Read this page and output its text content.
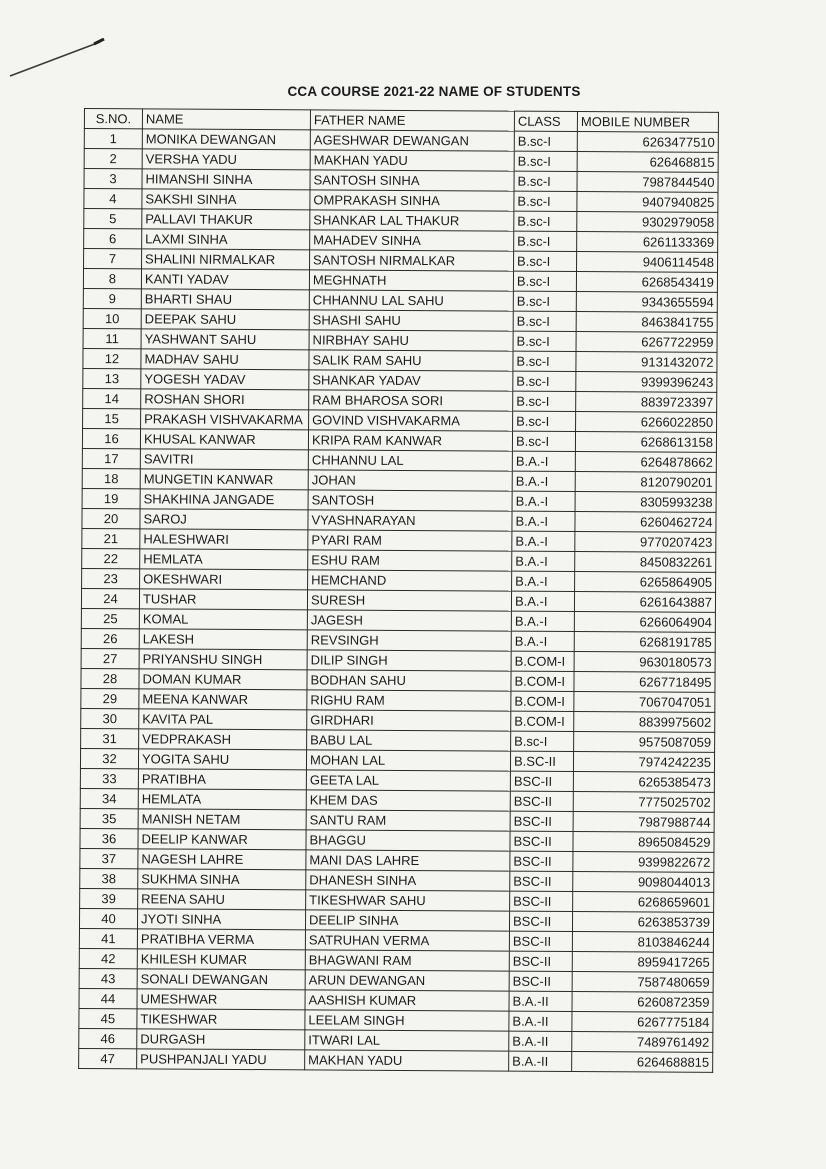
CCA COURSE 2021-22 NAME OF STUDENTS
S.NO.	NAME	FATHER NAME	CLASS	MOBILE NUMBER
1	MONIKA DEWANGAN	AGESHWAR DEWANGAN	B.sc-I	6263477510
2	VERSHA YADU	MAKHAN YADU	B.sc-I	626468815
3	HIMANSHI SINHA	SANTOSH SINHA	B.sc-I	7987844540
4	SAKSHI SINHA	OMPRAKASH SINHA	B.sc-I	9407940825
5	PALLAVI THAKUR	SHANKAR LAL THAKUR	B.sc-I	9302979058
6	LAXMI SINHA	MAHADEV SINHA	B.sc-I	6261133369
7	SHALINI NIRMALKAR	SANTOSH NIRMALKAR	B.sc-I	9406114548
8	KANTI YADAV	MEGHNATH	B.sc-I	6268543419
9	BHARTI SHAU	CHHANNU LAL SAHU	B.sc-I	9343655594
10	DEEPAK SAHU	SHASHI SAHU	B.sc-I	8463841755
11	YASHWANT SAHU	NIRBHAY SAHU	B.sc-I	6267722959
12	MADHAV SAHU	SALIK RAM SAHU	B.sc-I	9131432072
13	YOGESH YADAV	SHANKAR YADAV	B.sc-I	9399396243
14	ROSHAN SHORI	RAM BHAROSA SORI	B.sc-I	8839723397
15	PRAKASH VISHVAKARMA	GOVIND VISHVAKARMA	B.sc-I	6266022850
16	KHUSAL KANWAR	KRIPA RAM KANWAR	B.sc-I	6268613158
17	SAVITRI	CHHANNU LAL	B.A.-I	6264878662
18	MUNGETIN KANWAR	JOHAN	B.A.-I	8120790201
19	SHAKHINA JANGADE	SANTOSH	B.A.-I	8305993238
20	SAROJ	VYASHNARAYAN	B.A.-I	6260462724
21	HALESHWARI	PYARI RAM	B.A.-I	9770207423
22	HEMLATA	ESHU RAM	B.A.-I	8450832261
23	OKESHWARI	HEMCHAND	B.A.-I	6265864905
24	TUSHAR	SURESH	B.A.-I	6261643887
25	KOMAL	JAGESH	B.A.-I	6266064904
26	LAKESH	REVSINGH	B.A.-I	6268191785
27	PRIYANSHU SINGH	DILIP SINGH	B.COM-I	9630180573
28	DOMAN KUMAR	BODHAN SAHU	B.COM-I	6267718495
29	MEENA KANWAR	RIGHU RAM	B.COM-I	7067047051
30	KAVITA PAL	GIRDHARI	B.COM-I	8839975602
31	VEDPRAKASH	BABU LAL	B.sc-I	9575087059
32	YOGITA SAHU	MOHAN LAL	B.SC-II	7974242235
33	PRATIBHA	GEETA LAL	BSC-II	6265385473
34	HEMLATA	KHEM DAS	BSC-II	7775025702
35	MANISH NETAM	SANTU RAM	BSC-II	7987988744
36	DEELIP KANWAR	BHAGGU	BSC-II	8965084529
37	NAGESH LAHRE	MANI DAS LAHRE	BSC-II	9399822672
38	SUKHMA SINHA	DHANESH SINHA	BSC-II	9098044013
39	REENA SAHU	TIKESHWAR SAHU	BSC-II	6268659601
40	JYOTI SINHA	DEELIP SINHA	BSC-II	6263853739
41	PRATIBHA VERMA	SATRUHAN VERMA	BSC-II	8103846244
42	KHILESH KUMAR	BHAGWANI RAM	BSC-II	8959417265
43	SONALI DEWANGAN	ARUN DEWANGAN	BSC-II	7587480659
44	UMESHWAR	AASHISH KUMAR	B.A.-II	6260872359
45	TIKESHWAR	LEELAM SINGH	B.A.-II	6267775184
46	DURGASH	ITWARI LAL	B.A.-II	7489761492
47	PUSHPANJALI YADU	MAKHAN YADU	B.A.-II	6264688815
